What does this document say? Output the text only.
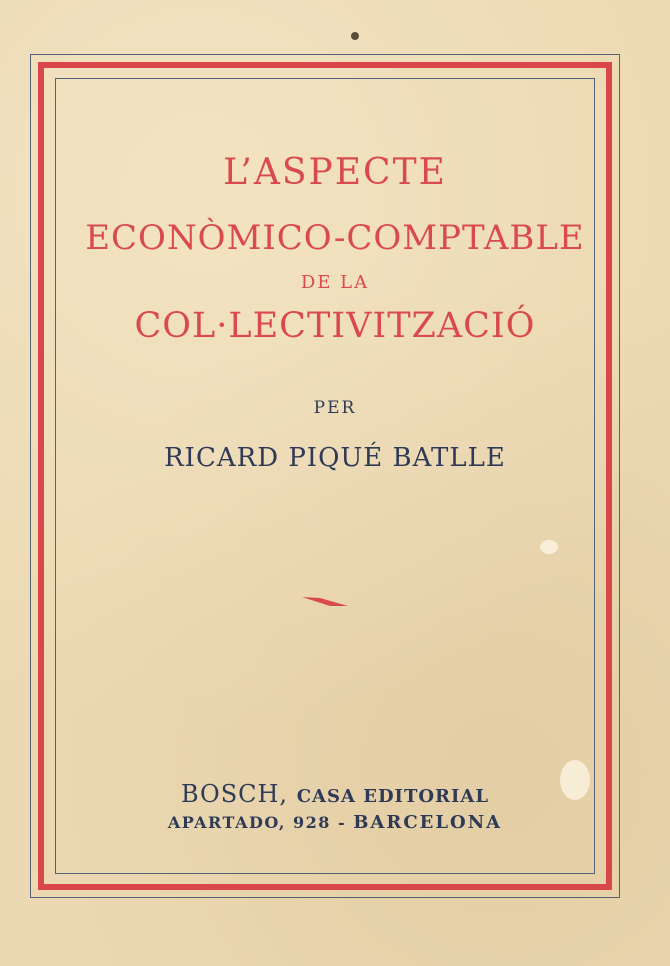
L’ASPECTE
ECONÒMICO-COMPTABLE
DE LA
COL·LECTIVITZACIÓ
PER
RICARD PIQUÉ BATLLE
BOSCH, CASA EDITORIAL
APARTADO, 928 - BARCELONA
